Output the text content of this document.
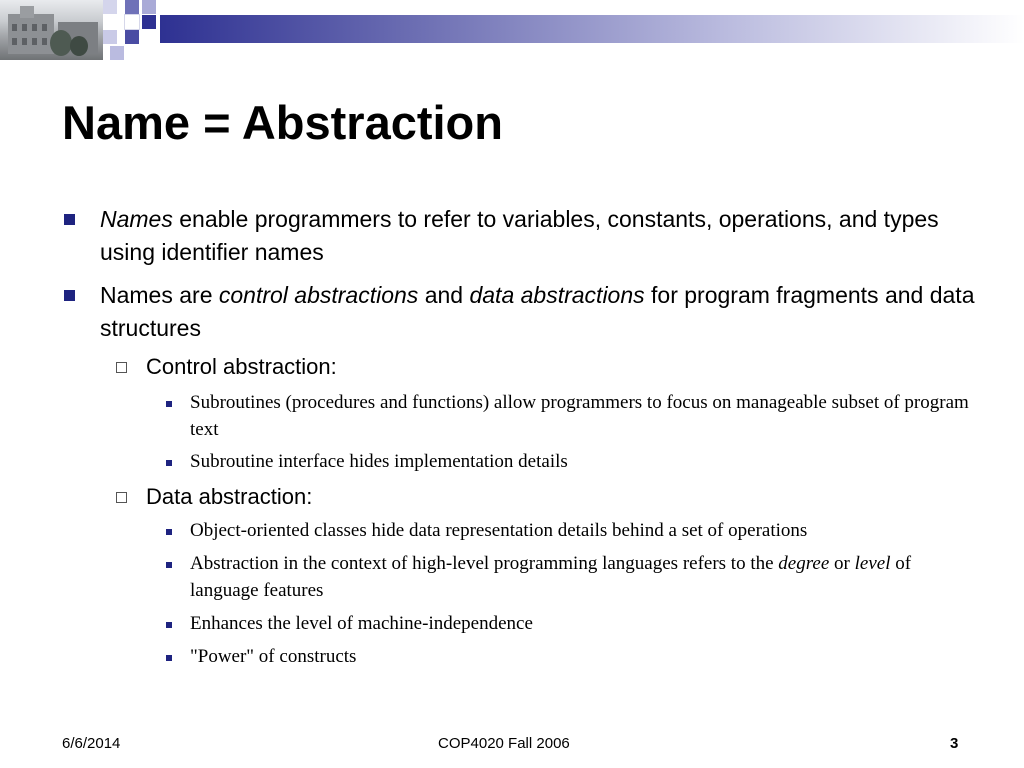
Name = Abstraction
Names enable programmers to refer to variables, constants, operations, and types using identifier names
Names are control abstractions and data abstractions for program fragments and data structures
Control abstraction:
Subroutines (procedures and functions) allow programmers to focus on manageable subset of program text
Subroutine interface hides implementation details
Data abstraction:
Object-oriented classes hide data representation details behind a set of operations
Abstraction in the context of high-level programming languages refers to the degree or level of language features
Enhances the level of machine-independence
"Power" of constructs
6/6/2014	COP4020 Fall 2006	3
